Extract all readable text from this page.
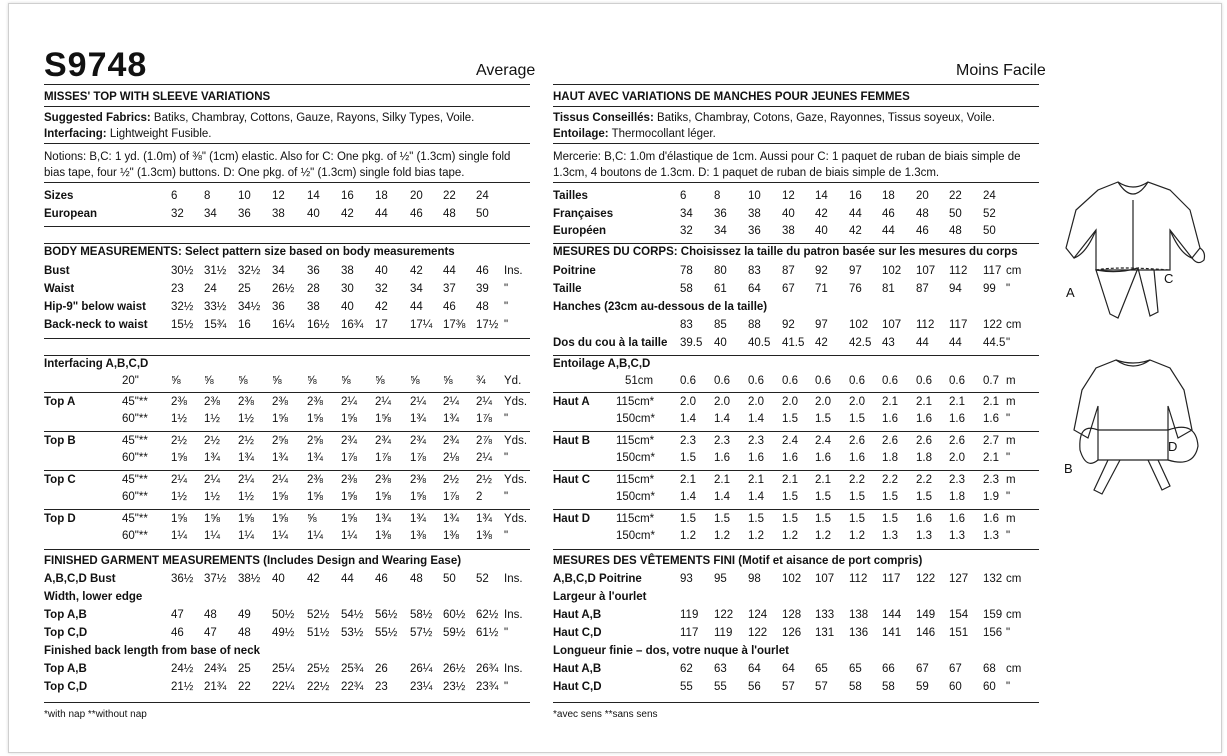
S9748	Average	Moins Facile
MISSES' TOP WITH SLEEVE VARIATIONS
Suggested Fabrics: Batiks, Chambray, Cottons, Gauze, Rayons, Silky Types, Voile.
Interfacing: Lightweight Fusible.
Notions: B,C: 1 yd. (1.0m) of ⅜" (1cm) elastic. Also for C: One pkg. of ½" (1.3cm) single fold
bias tape, four ½" (1.3cm) buttons. D: One pkg. of ½" (1.3cm) single fold bias tape.
Sizes	6 8 10 12 14 16 18 20 22 24
European	32 34 36 38 40 42 44 46 48 50
BODY MEASUREMENTS: Select pattern size based on body measurements
Bust	30½ 31½ 32½ 34 36 38 40 42 44 46 Ins.
Waist	23 24 25 26½ 28 30 32 34 37 39 "
Hip-9" below waist 32½ 33½ 34½ 36 38 40 42 44 46 48 "
Back-neck to waist 15½ 15¾ 16 16¼ 16½ 16¾ 17 17¼ 17⅜ 17½ "
Interfacing A,B,C,D
20"	⅝ ⅝ ⅝ ⅝ ⅝ ⅝ ⅝ ⅝ ⅝ ¾ Yd.
Top A	45"** 2⅜ 2⅜ 2⅜ 2⅜ 2⅜ 2¼ 2¼ 2¼ 2¼ 2¼ Yds.
60"** 1½ 1½ 1½ 1⅝ 1⅝ 1⅝ 1⅝ 1¾ 1¾ 1⅞ "
Top B	45"** 2½ 2½ 2½ 2⅝ 2⅝ 2¾ 2¾ 2¾ 2¾ 2⅞ Yds.
60"** 1⅝ 1¾ 1¾ 1¾ 1¾ 1⅞ 1⅞ 1⅞ 2⅛ 2¼ "
Top C	45"** 2¼ 2¼ 2¼ 2¼ 2⅜ 2⅜ 2⅜ 2⅜ 2½ 2½ Yds.
60"** 1½ 1½ 1½ 1⅝ 1⅝ 1⅝ 1⅝ 1⅝ 1⅞ 2 "
Top D	45"** 1⅝ 1⅝ 1⅝ 1⅝ ⅝ 1⅝ 1¾ 1¾ 1¾ 1¾ Yds.
60"** 1¼ 1¼ 1¼ 1¼ 1¼ 1¼ 1⅜ 1⅜ 1⅜ 1⅜ "
FINISHED GARMENT MEASUREMENTS (Includes Design and Wearing Ease)
A,B,C,D Bust	36½ 37½ 38½ 40 42 44 46 48 50 52 Ins.
Width, lower edge
Top A,B	47 48 49 50½ 52½ 54½ 56½ 58½ 60½ 62½ Ins.
Top C,D	46 47 48 49½ 51½ 53½ 55½ 57½ 59½ 61½ "
Finished back length from base of neck
Top A,B	24½ 24¾ 25 25¼ 25½ 25¾ 26 26¼ 26½ 26¾ Ins.
Top C,D	21½ 21¾ 22 22¼ 22½ 22¾ 23 23¼ 23½ 23¾ "
*with nap **without nap
HAUT AVEC VARIATIONS DE MANCHES POUR JEUNES FEMMES
Tissus Conseillés: Batiks, Chambray, Cotons, Gaze, Rayonnes, Tissus soyeux, Voile.
Entoilage: Thermocollant léger.
Mercerie: B,C: 1.0m d'élastique de 1cm. Aussi pour C: 1 paquet de ruban de biais simple de
1.3cm, 4 boutons de 1.3cm. D: 1 paquet de ruban de biais simple de 1.3cm.
Tailles	6 8 10 12 14 16 18 20 22 24
Françaises	34 36 38 40 42 44 46 48 50 52
Européen	32 34 36 38 40 42 44 46 48 50
MESURES DU CORPS: Choisissez la taille du patron basée sur les mesures du corps
Poitrine	78 80 83 87 92 97 102 107 112 117 cm
Taille	58 61 64 67 71 76 81 87 94 99 "
Hanches (23cm au-dessous de la taille)
83 85 88 92 97 102 107 112 117 122 cm
Dos du cou à la taille 39.5 40 40.5 41.5 42 42.5 43 44 44 44.5 "
Entoilage A,B,C,D
51cm 0.6 0.6 0.6 0.6 0.6 0.6 0.6 0.6 0.6 0.7 m
Haut A 115cm* 2.0 2.0 2.0 2.0 2.0 2.0 2.1 2.1 2.1 2.1 m
150cm* 1.4 1.4 1.4 1.5 1.5 1.5 1.6 1.6 1.6 1.6 "
Haut B 115cm* 2.3 2.3 2.3 2.4 2.4 2.6 2.6 2.6 2.6 2.7 m
150cm* 1.5 1.6 1.6 1.6 1.6 1.6 1.8 1.8 2.0 2.1 "
Haut C 115cm* 2.1 2.1 2.1 2.1 2.1 2.2 2.2 2.2 2.3 2.3 m
150cm* 1.4 1.4 1.4 1.5 1.5 1.5 1.5 1.5 1.8 1.9 "
Haut D 115cm* 1.5 1.5 1.5 1.5 1.5 1.5 1.5 1.6 1.6 1.6 m
150cm* 1.2 1.2 1.2 1.2 1.2 1.2 1.3 1.3 1.3 1.3 "
MESURES DES VÊTEMENTS FINI (Motif et aisance de port compris)
A,B,C,D Poitrine	93 95 98 102 107 112 117 122 127 132 cm
Largeur à l'ourlet
Haut A,B	119 122 124 128 133 138 144 149 154 159 cm
Haut C,D	117 119 122 126 131 136 141 146 151 156 "
Longueur finie – dos, votre nuque à l'ourlet
Haut A,B	62 63 64 64 65 65 66 67 67 68 cm
Haut C,D	55 55 56 57 57 58 58 59 60 60 "
*avec sens **sans sens
A
C
B
D
